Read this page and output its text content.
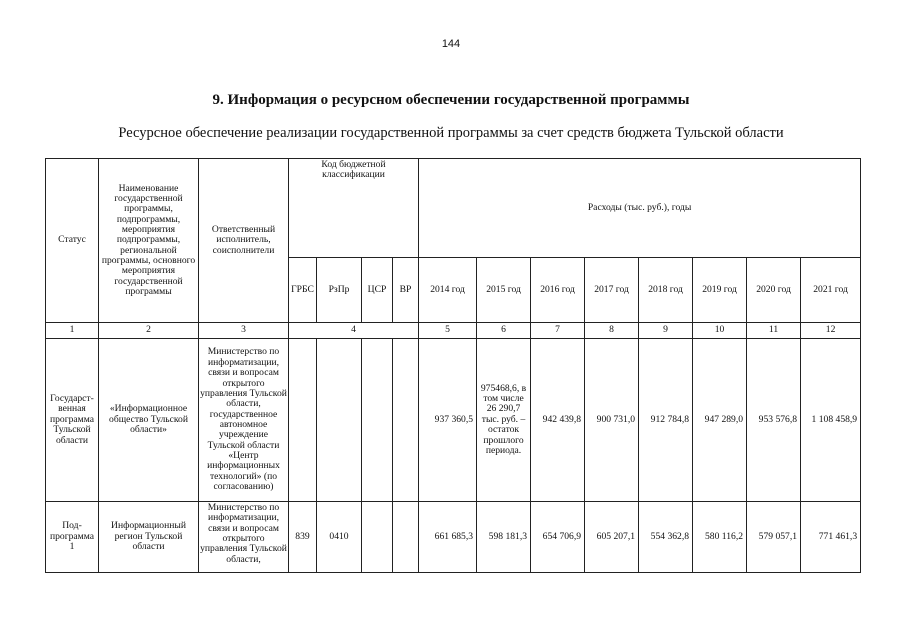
144
9. Информация о ресурсном обеспечении государственной программы
Ресурсное обеспечение реализации государственной программы за счет средств бюджета Тульской области
Статус	Наименование государственной программы, подпрограммы, мероприятия подпрограммы, региональной программы, основного мероприятия государственной программы	Ответственный исполнитель, соисполнители	Код бюджетной классификации				Расходы (тыс. руб.), годы							
			ГРБС	РзПр	ЦСР	ВР	2014 год	2015 год	2016 год	2017 год	2018 год	2019 год	2020 год	2021 год
1	2	3	4				5	6	7	8	9	10	11	12
Государст-венная программа Тульской области	«Информационное общество Тульской области»	Министерство по информатизации, связи и вопросам открытого управления Тульской области, государственное автономное учреждение Тульской области «Центр информационных технологий» (по согласованию)					937 360,5	975468,6, в том числе 26 290,7 тыс. руб. – остаток прошлого периода.	942 439,8	900 731,0	912 784,8	947 289,0	953 576,8	1 108 458,9
Под-программа 1	Информационный регион Тульской области	Министерство по информатизации, связи и вопросам открытого управления Тульской области,	839	0410			661 685,3	598 181,3	654 706,9	605 207,1	554 362,8	580 116,2	579 057,1	771 461,3
